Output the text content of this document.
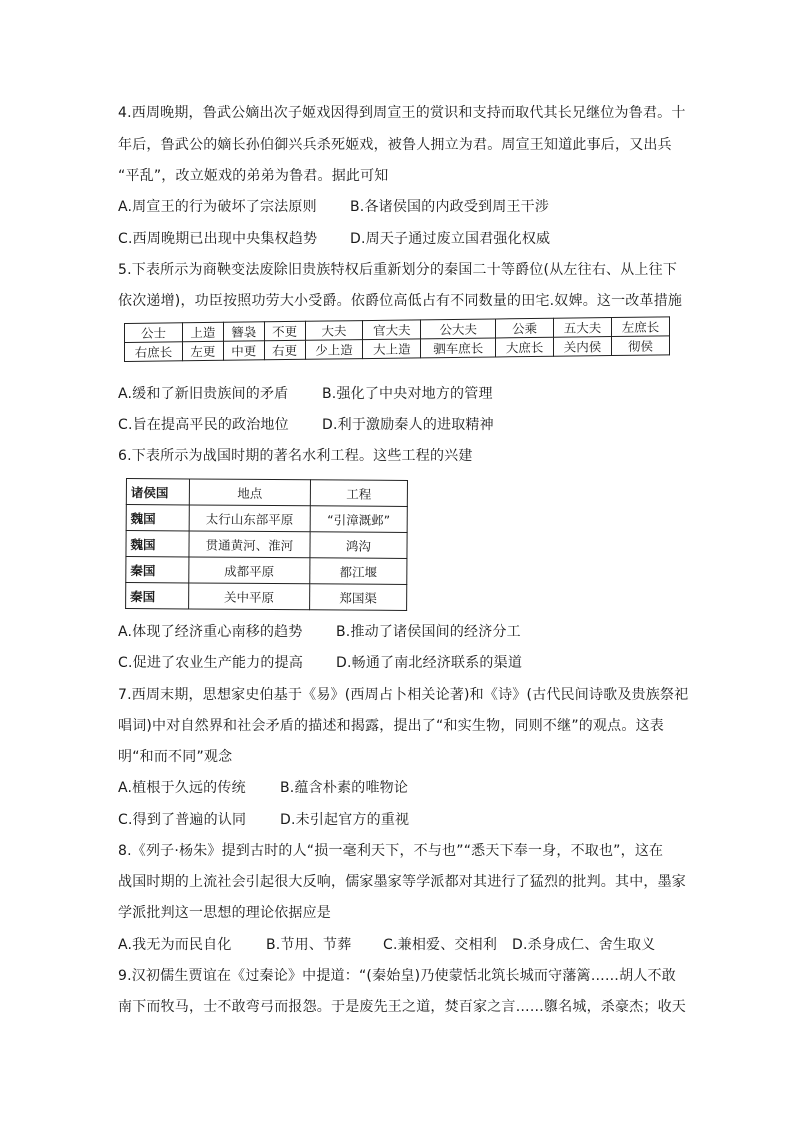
4.西周晚期，鲁武公嫡出次子姬戏因得到周宣王的赏识和支持而取代其长兄继位为鲁君。十
年后，鲁武公的嫡长孙伯御兴兵杀死姬戏，被鲁人拥立为君。周宣王知道此事后，又出兵
“平乱”，改立姬戏的弟弟为鲁君。据此可知
A.周宣王的行为破坏了宗法原则 B.各诸侯国的内政受到周王干涉
C.西周晚期已出现中央集权趋势 D.周天子通过废立国君强化权威
5.下表所示为商鞅变法废除旧贵族特权后重新划分的秦国二十等爵位(从左往右、从上往下
依次递增)，功臣按照功劳大小受爵。依爵位高低占有不同数量的田宅.奴婢。这一改革措施
公士	上造	簪袅	不更	大夫	官大夫	公大夫	公乘	五大夫	左庶长
右庶长	左更	中更	右更	少上造	大上造	驷车庶长	大庶长	关内侯	彻侯
A.缓和了新旧贵族间的矛盾 B.强化了中央对地方的管理
C.旨在提高平民的政治地位 D.利于激励秦人的进取精神
6.下表所示为战国时期的著名水利工程。这些工程的兴建
诸侯国	地点	工程
魏国	太行山东部平原	“引漳溉邺”
魏国	贯通黄河、淮河	鸿沟
秦国	成都平原	都江堰
秦国	关中平原	郑国渠
A.体现了经济重心南移的趋势 B.推动了诸侯国间的经济分工
C.促进了农业生产能力的提高 D.畅通了南北经济联系的渠道
7.西周末期，思想家史伯基于《易》(西周占卜相关论著)和《诗》(古代民间诗歌及贵族祭祀
唱词)中对自然界和社会矛盾的描述和揭露，提出了“和实生物，同则不继”的观点。这表
明“和而不同”观念
A.植根于久远的传统 B.蕴含朴素的唯物论
C.得到了普遍的认同 D.未引起官方的重视
8.《列子·杨朱》提到古时的人“损一毫利天下，不与也”“悉天下奉一身，不取也”，这在
战国时期的上流社会引起很大反响，儒家墨家等学派都对其进行了猛烈的批判。其中，墨家
学派批判这一思想的理论依据应是
A.我无为而民自化 B.节用、节葬 C.兼相爱、交相利 D.杀身成仁、舍生取义
9.汉初儒生贾谊在《过秦论》中提道：“(秦始皇)乃使蒙恬北筑长城而守藩篱……胡人不敢
南下而牧马，士不敢弯弓而报怨。于是废先王之道，焚百家之言……隳名城，杀豪杰；收天
